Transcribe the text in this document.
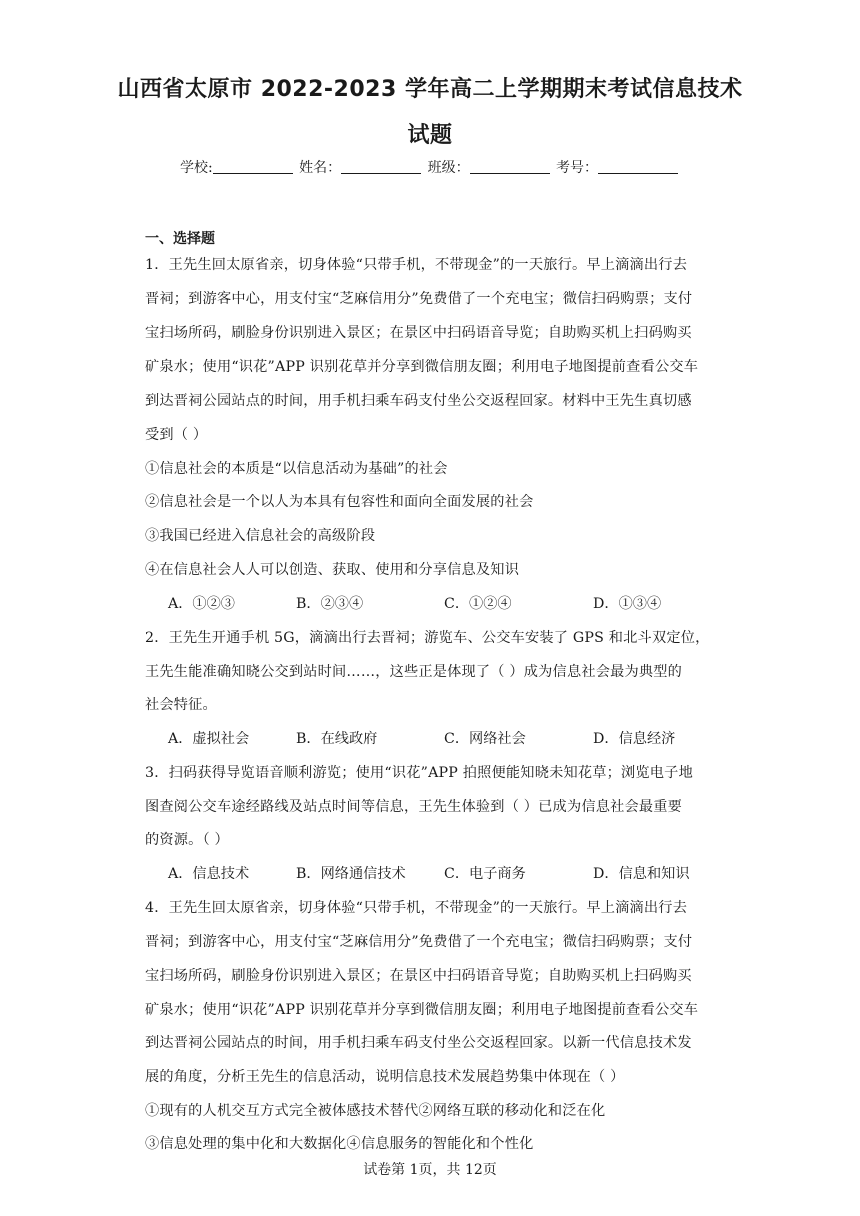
山西省太原市 2022-2023 学年高二上学期期末考试信息技术
试题
学校:	姓名：	班级：	考号：
一、选择题
1．王先生回太原省亲，切身体验“只带手机，不带现金”的一天旅行。早上滴滴出行去
晋祠；到游客中心，用支付宝“芝麻信用分”免费借了一个充电宝；微信扫码购票；支付
宝扫场所码，刷脸身份识别进入景区；在景区中扫码语音导览；自助购买机上扫码购买
矿泉水；使用“识花”APP 识别花草并分享到微信朋友圈；利用电子地图提前查看公交车
到达晋祠公园站点的时间，用手机扫乘车码支付坐公交返程回家。材料中王先生真切感
受到（ ）
①信息社会的本质是“以信息活动为基础”的社会
②信息社会是一个以人为本具有包容性和面向全面发展的社会
③我国已经进入信息社会的高级阶段
④在信息社会人人可以创造、获取、使用和分享信息及知识
A．①②③	B．②③④	C．①②④	D．①③④
2．王先生开通手机 5G，滴滴出行去晋祠；游览车、公交车安装了 GPS 和北斗双定位，
王先生能准确知晓公交到站时间……，这些正是体现了（ ）成为信息社会最为典型的
社会特征。
A．虚拟社会	B．在线政府	C．网络社会	D．信息经济
3．扫码获得导览语音顺利游览；使用“识花”APP 拍照便能知晓未知花草；浏览电子地
图查阅公交车途经路线及站点时间等信息，王先生体验到（ ）已成为信息社会最重要
的资源。（ ）
A．信息技术	B．网络通信技术	C．电子商务	D．信息和知识
4．王先生回太原省亲，切身体验“只带手机，不带现金”的一天旅行。早上滴滴出行去
晋祠；到游客中心，用支付宝“芝麻信用分”免费借了一个充电宝；微信扫码购票；支付
宝扫场所码，刷脸身份识别进入景区；在景区中扫码语音导览；自助购买机上扫码购买
矿泉水；使用“识花”APP 识别花草并分享到微信朋友圈；利用电子地图提前查看公交车
到达晋祠公园站点的时间，用手机扫乘车码支付坐公交返程回家。以新一代信息技术发
展的角度，分析王先生的信息活动，说明信息技术发展趋势集中体现在（ ）
①现有的人机交互方式完全被体感技术替代②网络互联的移动化和泛在化
③信息处理的集中化和大数据化④信息服务的智能化和个性化
试卷第 1页，共 12页
